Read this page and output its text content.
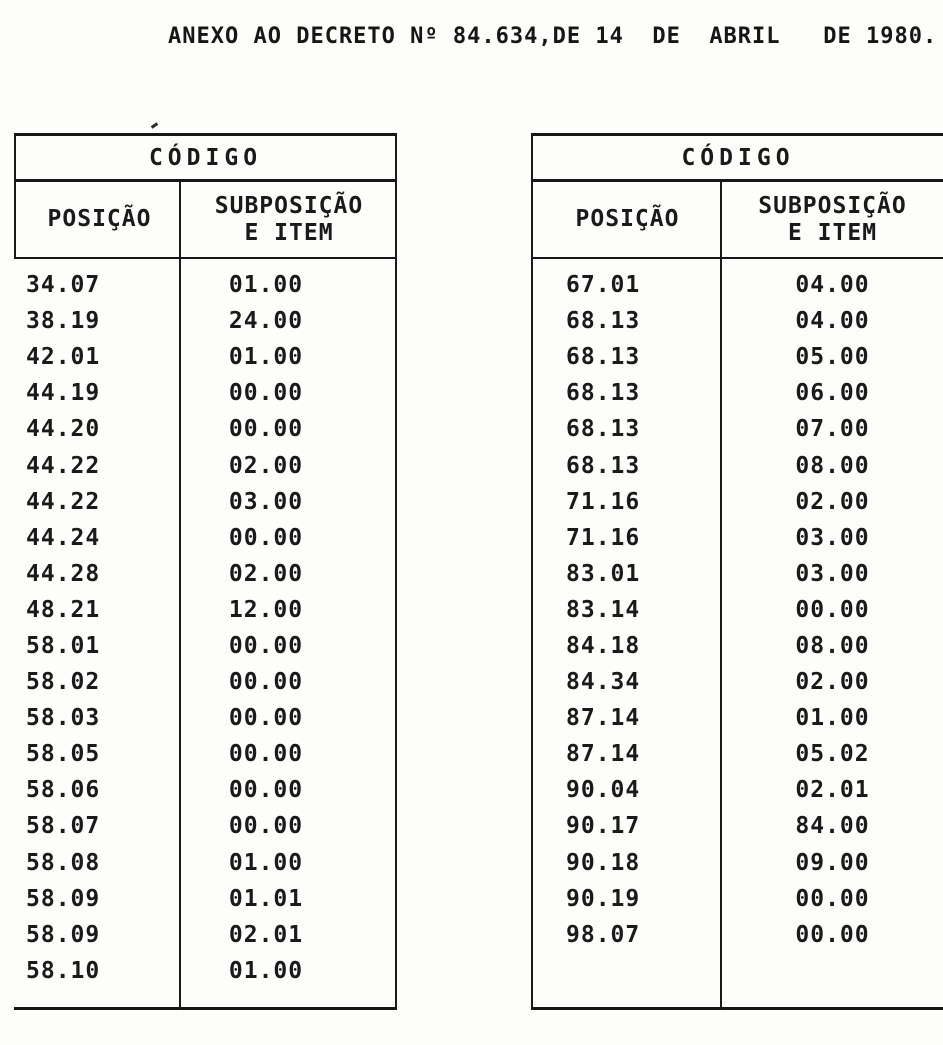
ANEXO AO DECRETO Nº 84.634,DE 14  DE  ABRIL   DE 1980.
CÓDIGO
POSIÇÃO
SUBPOSIÇÃO
E ITEM
34.07	01.00
38.19	24.00
42.01	01.00
44.19	00.00
44.20	00.00
44.22	02.00
44.22	03.00
44.24	00.00
44.28	02.00
48.21	12.00
58.01	00.00
58.02	00.00
58.03	00.00
58.05	00.00
58.06	00.00
58.07	00.00
58.08	01.00
58.09	01.01
58.09	02.01
58.10	01.00
CÓDIGO
POSIÇÃO
SUBPOSIÇÃO
E ITEM
67.01	04.00
68.13	04.00
68.13	05.00
68.13	06.00
68.13	07.00
68.13	08.00
71.16	02.00
71.16	03.00
83.01	03.00
83.14	00.00
84.18	08.00
84.34	02.00
87.14	01.00
87.14	05.02
90.04	02.01
90.17	84.00
90.18	09.00
90.19	00.00
98.07	00.00
